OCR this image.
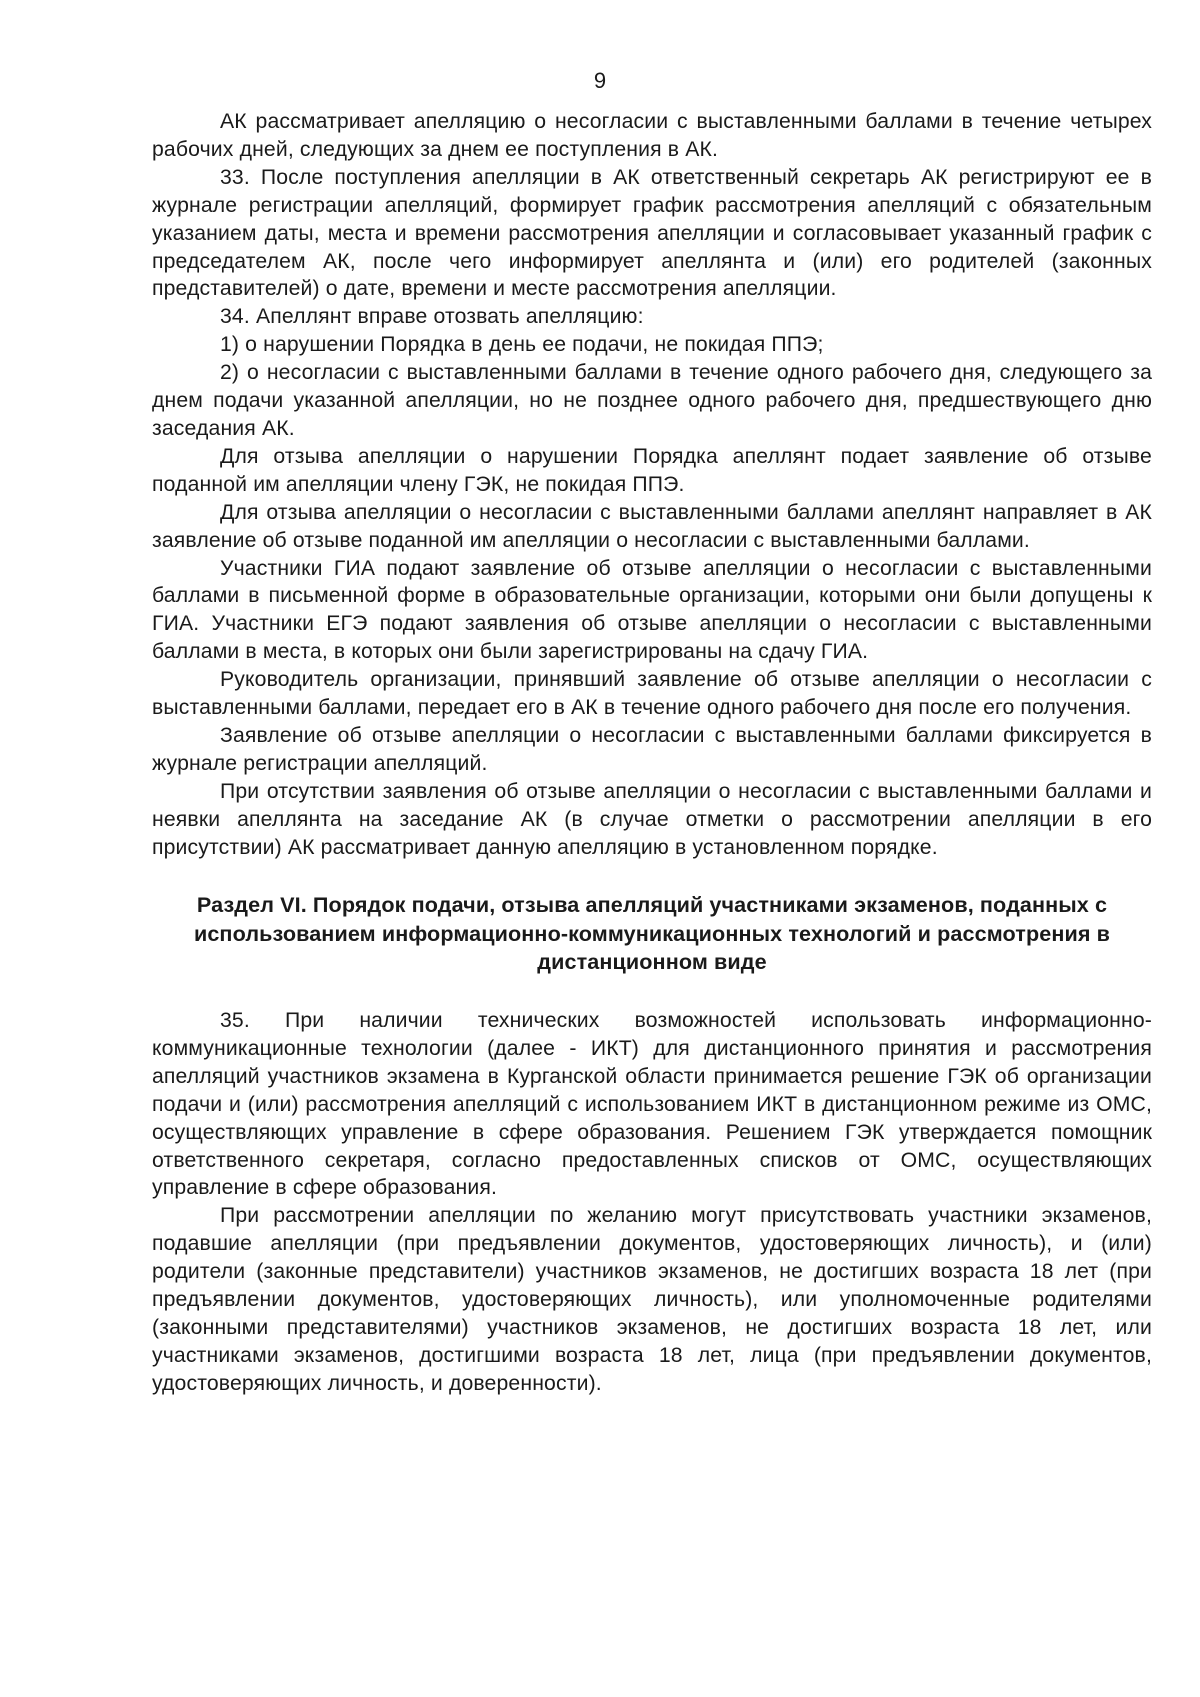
9

АК рассматривает апелляцию о несогласии с выставленными баллами в течение четырех рабочих дней, следующих за днем ее поступления в АК.

33. После поступления апелляции в АК ответственный секретарь АК регистрируют ее в журнале регистрации апелляций, формирует график рассмотрения апелляций с обязательным указанием даты, места и времени рассмотрения апелляции и согласовывает указанный график с председателем АК, после чего информирует апеллянта и (или) его родителей (законных представителей) о дате, времени и месте рассмотрения апелляции.

34. Апеллянт вправе отозвать апелляцию:

1) о нарушении Порядка в день ее подачи, не покидая ППЭ;

2) о несогласии с выставленными баллами в течение одного рабочего дня, следующего за днем подачи указанной апелляции, но не позднее одного рабочего дня, предшествующего дню заседания АК.

Для отзыва апелляции о нарушении Порядка апеллянт подает заявление об отзыве поданной им апелляции члену ГЭК, не покидая ППЭ.

Для отзыва апелляции о несогласии с выставленными баллами апеллянт направляет в АК заявление об отзыве поданной им апелляции о несогласии с выставленными баллами.

Участники ГИА подают заявление об отзыве апелляции о несогласии с выставленными баллами в письменной форме в образовательные организации, которыми они были допущены к ГИА. Участники ЕГЭ подают заявления об отзыве апелляции о несогласии с выставленными баллами в места, в которых они были зарегистрированы на сдачу ГИА.

Руководитель организации, принявший заявление об отзыве апелляции о несогласии с выставленными баллами, передает его в АК в течение одного рабочего дня после его получения.

Заявление об отзыве апелляции о несогласии с выставленными баллами фиксируется в журнале регистрации апелляций.

При отсутствии заявления об отзыве апелляции о несогласии с выставленными баллами и неявки апеллянта на заседание АК (в случае отметки о рассмотрении апелляции в его присутствии) АК рассматривает данную апелляцию в установленном порядке.

Раздел VI. Порядок подачи, отзыва апелляций участниками экзаменов, поданных с использованием информационно-коммуникационных технологий и рассмотрения в дистанционном виде

35. При наличии технических возможностей использовать информационно-коммуникационные технологии (далее - ИКТ) для дистанционного принятия и рассмотрения апелляций участников экзамена в Курганской области принимается решение ГЭК об организации подачи и (или) рассмотрения апелляций с использованием ИКТ в дистанционном режиме из ОМС, осуществляющих управление в сфере образования. Решением ГЭК утверждается помощник ответственного секретаря, согласно предоставленных списков от ОМС, осуществляющих управление в сфере образования.

При рассмотрении апелляции по желанию могут присутствовать участники экзаменов, подавшие апелляции (при предъявлении документов, удостоверяющих личность), и (или) родители (законные представители) участников экзаменов, не достигших возраста 18 лет (при предъявлении документов, удостоверяющих личность), или уполномоченные родителями (законными представителями) участников экзаменов, не достигших возраста 18 лет, или участниками экзаменов, достигшими возраста 18 лет, лица (при предъявлении документов, удостоверяющих личность, и доверенности).
